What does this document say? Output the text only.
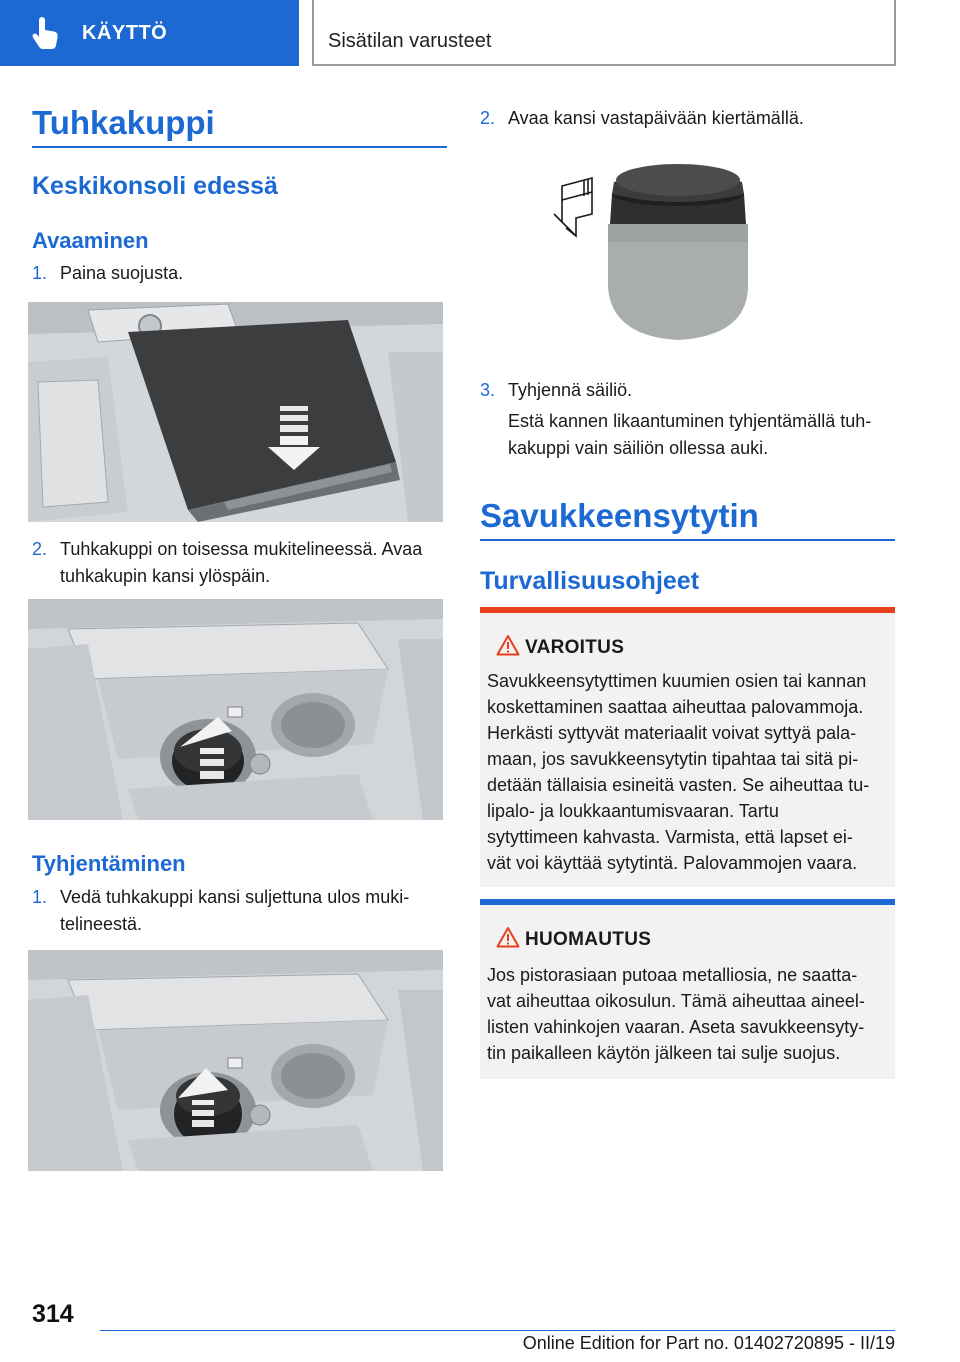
KÄYTTÖ	Sisätilan varusteet
Tuhkakuppi
Keskikonsoli edessä
Avaaminen
1. Paina suojusta.
2. Tuhkakuppi on toisessa mukitelineessä. Avaa
tuhkakupin kansi ylöspäin.
Tyhjentäminen
1. Vedä tuhkakuppi kansi suljettuna ulos muki-
telineestä.
2. Avaa kansi vastapäivään kiertämällä.
3. Tyhjennä säiliö.
Estä kannen likaantuminen tyhjentämällä tuh-
kakuppi vain säiliön ollessa auki.
Savukkeensytytin
Turvallisuusohjeet
VAROITUS
Savukkeensytyttimen kuumien osien tai kannan
koskettaminen saattaa aiheuttaa palovammoja.
Herkästi syttyvät materiaalit voivat syttyä pala-
maan, jos savukkeensytytin tipahtaa tai sitä pi-
detään tällaisia esineitä vasten. Se aiheuttaa tu-
lipalo- ja loukkaantumisvaaran. Tartu
sytyttimeen kahvasta. Varmista, että lapset ei-
vät voi käyttää sytytintä. Palovammojen vaara.
HUOMAUTUS
Jos pistorasiaan putoaa metalliosia, ne saatta-
vat aiheuttaa oikosulun. Tämä aiheuttaa aineel-
listen vahinkojen vaaran. Aseta savukkeensyty-
tin paikalleen käytön jälkeen tai sulje suojus.
314
Online Edition for Part no. 01402720895 - II/19
